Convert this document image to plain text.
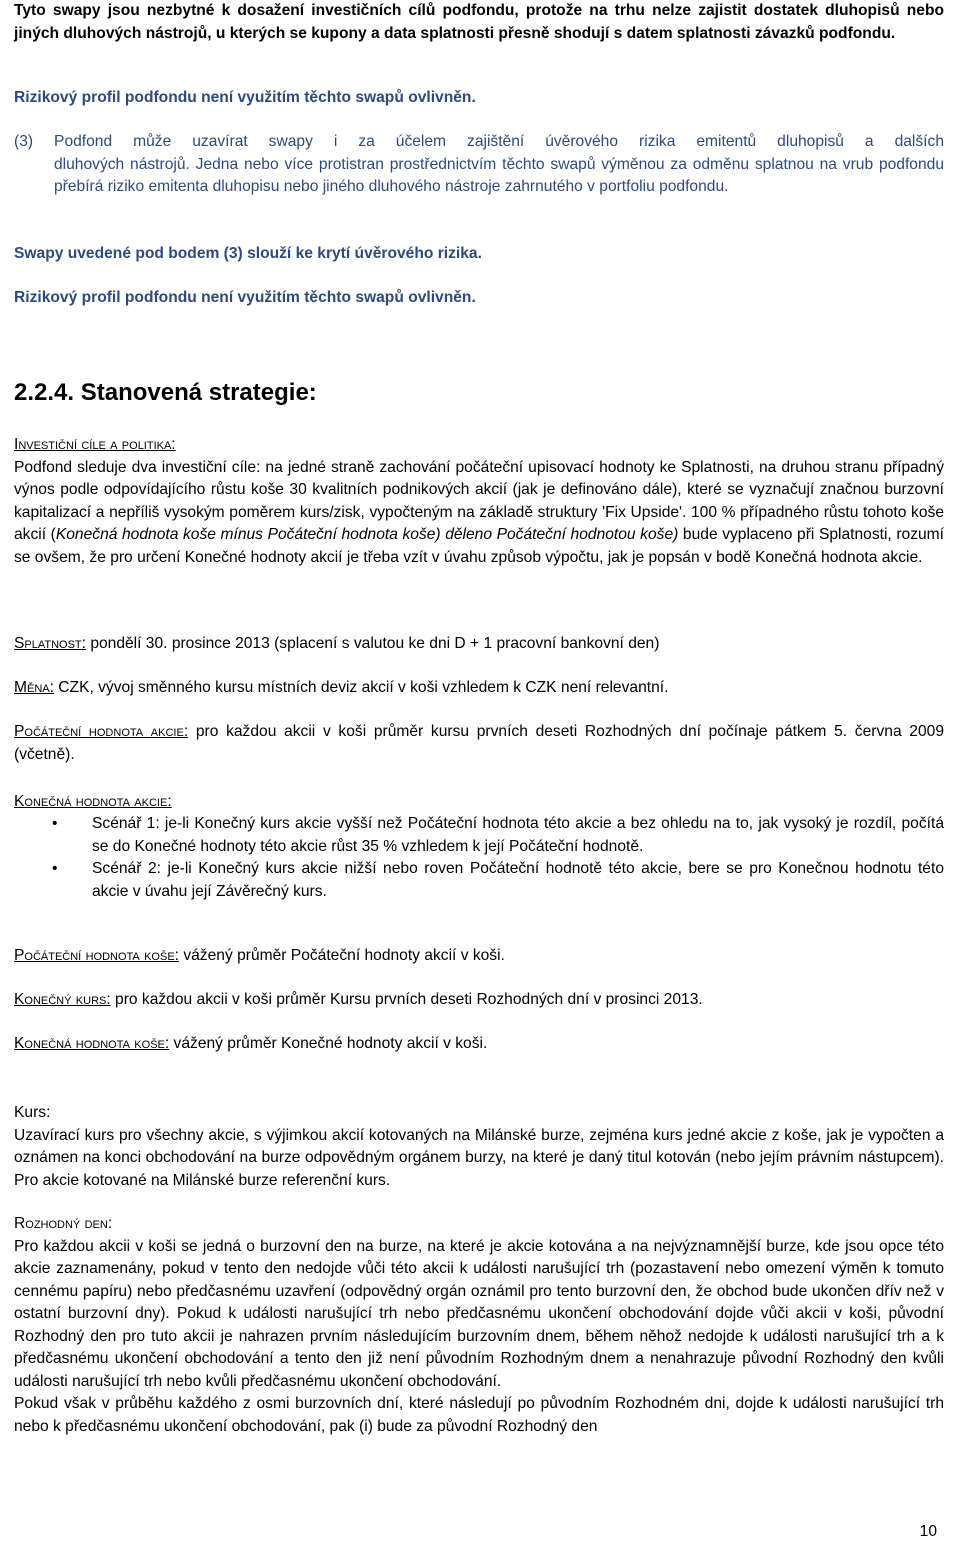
Tyto swapy jsou nezbytné k dosažení investičních cílů podfondu, protože na trhu nelze zajistit dostatek dluhopisů nebo jiných dluhových nástrojů, u kterých se kupony a data splatnosti přesně shodují s datem splatnosti závazků podfondu.
Rizikový profil podfondu není využitím těchto swapů ovlivněn.
(3) Podfond může uzavírat swapy i za účelem zajištění úvěrového rizika emitentů dluhopisů a dalších
dluhových nástrojů. Jedna nebo více protistran prostřednictvím těchto swapů výměnou za odměnu splatnou na vrub podfondu přebírá riziko emitenta dluhopisu nebo jiného dluhového nástroje zahrnutého v portfoliu podfondu.
Swapy uvedené pod bodem (3) slouží ke krytí úvěrového rizika.
Rizikový profil podfondu není využitím těchto swapů ovlivněn.
2.2.4. Stanovená strategie:
Investiční cíle a politika:
Podfond sleduje dva investiční cíle: na jedné straně zachování počáteční upisovací hodnoty ke Splatnosti, na druhou stranu případný výnos podle odpovídajícího růstu koše 30 kvalitních podnikových akcií (jak je definováno dále), které se vyznačují značnou burzovní kapitalizací a nepříliš vysokým poměrem kurs/zisk, vypočteným na základě struktury 'Fix Upside'. 100 % případného růstu tohoto koše akcií (Konečná hodnota koše mínus Počáteční hodnota koše) děleno Počáteční hodnotou koše) bude vyplaceno při Splatnosti, rozumí se ovšem, že pro určení Konečné hodnoty akcií je třeba vzít v úvahu způsob výpočtu, jak je popsán v bodě Konečná hodnota akcie.
Splatnost: pondělí 30. prosince 2013 (splacení s valutou ke dni D + 1 pracovní bankovní den)
Měna: CZK, vývoj směnného kursu místních deviz akcií v koši vzhledem k CZK není relevantní.
Počáteční hodnota akcie: pro každou akcii v koši průměr kursu prvních deseti Rozhodných dní počínaje pátkem 5. června 2009 (včetně).
Konečná hodnota akcie:
• Scénář 1: je-li Konečný kurs akcie vyšší než Počáteční hodnota této akcie a bez ohledu na to, jak vysoký je rozdíl, počítá se do Konečné hodnoty této akcie růst 35 % vzhledem k její Počáteční hodnotě.
• Scénář 2: je-li Konečný kurs akcie nižší nebo roven Počáteční hodnotě této akcie, bere se pro Konečnou hodnotu této akcie v úvahu její Závěrečný kurs.
Počáteční hodnota koše: vážený průměr Počáteční hodnoty akcií v koši.
Konečný kurs: pro každou akcii v koši průměr Kursu prvních deseti Rozhodných dní v prosinci 2013.
Konečná hodnota koše: vážený průměr Konečné hodnoty akcií v koši.
Kurs:
Uzavírací kurs pro všechny akcie, s výjimkou akcií kotovaných na Milánské burze, zejména kurs jedné akcie z koše, jak je vypočten a oznámen na konci obchodování na burze odpovědným orgánem burzy, na které je daný titul kotován (nebo jejím právním nástupcem). Pro akcie kotované na Milánské burze referenční kurs.
Rozhodný den:
Pro každou akcii v koši se jedná o burzovní den na burze, na které je akcie kotována a na nejvýznamnější burze, kde jsou opce této akcie zaznamenány, pokud v tento den nedojde vůči této akcii k události narušující trh (pozastavení nebo omezení výměn k tomuto cennému papíru) nebo předčasnému uzavření (odpovědný orgán oznámil pro tento burzovní den, že obchod bude ukončen dřív než v ostatní burzovní dny). Pokud k události narušující trh nebo předčasnému ukončení obchodování dojde vůči akcii v koši, původní Rozhodný den pro tuto akcii je nahrazen prvním následujícím burzovním dnem, během něhož nedojde k události narušující trh a k předčasnému ukončení obchodování a tento den již není původním Rozhodným dnem a nenahrazuje původní Rozhodný den kvůli události narušující trh nebo kvůli předčasnému ukončení obchodování.
Pokud však v průběhu každého z osmi burzovních dní, které následují po původním Rozhodném dni, dojde k události narušující trh nebo k předčasnému ukončení obchodování, pak (i) bude za původní Rozhodný den
10
